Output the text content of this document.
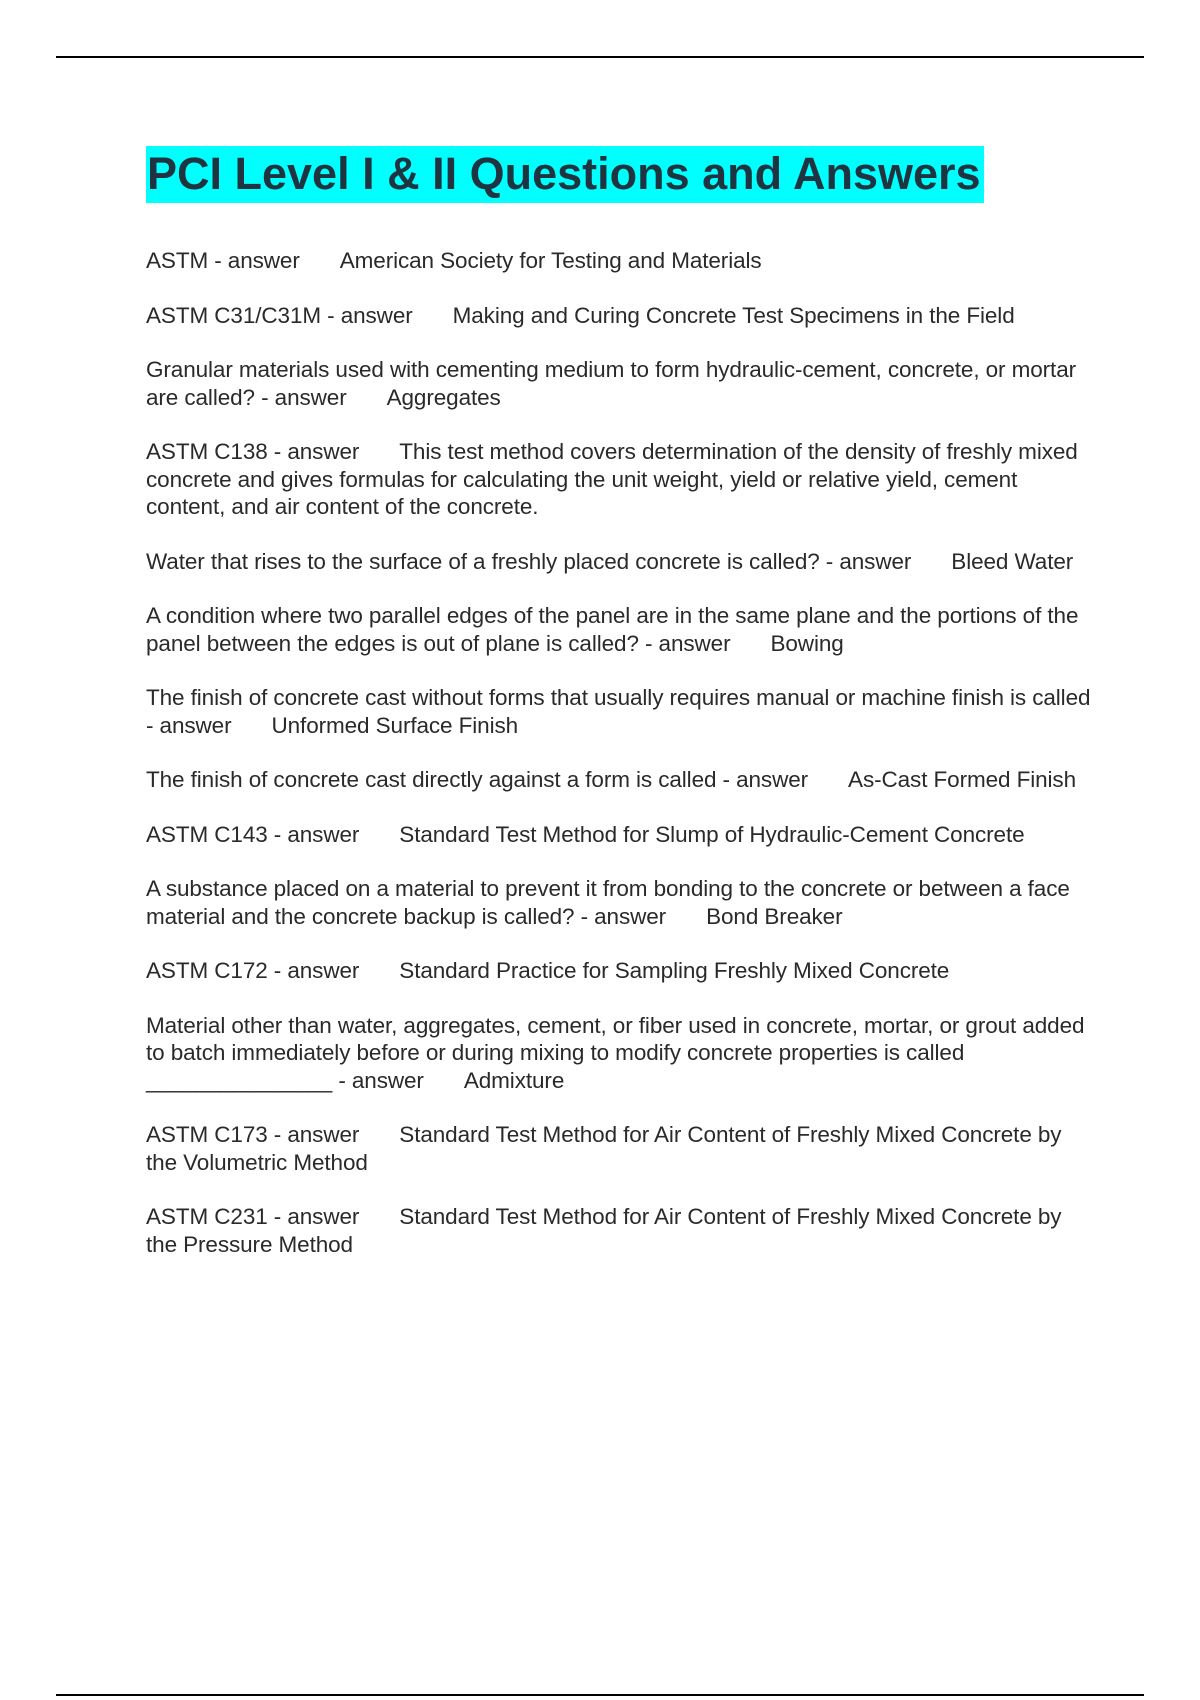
PCI Level I & II Questions and Answers
ASTM - answer American Society for Testing and Materials
ASTM C31/C31M - answer Making and Curing Concrete Test Specimens in the Field
Granular materials used with cementing medium to form hydraulic-cement, concrete, or mortar are called? - answer Aggregates
ASTM C138 - answer This test method covers determination of the density of freshly mixed concrete and gives formulas for calculating the unit weight, yield or relative yield, cement content, and air content of the concrete.
Water that rises to the surface of a freshly placed concrete is called? - answer Bleed Water
A condition where two parallel edges of the panel are in the same plane and the portions of the panel between the edges is out of plane is called? - answer Bowing
The finish of concrete cast without forms that usually requires manual or machine finish is called - answer Unformed Surface Finish
The finish of concrete cast directly against a form is called - answer As-Cast Formed Finish
ASTM C143 - answer Standard Test Method for Slump of Hydraulic-Cement Concrete
A substance placed on a material to prevent it from bonding to the concrete or between a face material and the concrete backup is called? - answer Bond Breaker
ASTM C172 - answer Standard Practice for Sampling Freshly Mixed Concrete
Material other than water, aggregates, cement, or fiber used in concrete, mortar, or grout added to batch immediately before or during mixing to modify concrete properties is called _______________ - answer Admixture
ASTM C173 - answer Standard Test Method for Air Content of Freshly Mixed Concrete by the Volumetric Method
ASTM C231 - answer Standard Test Method for Air Content of Freshly Mixed Concrete by the Pressure Method
